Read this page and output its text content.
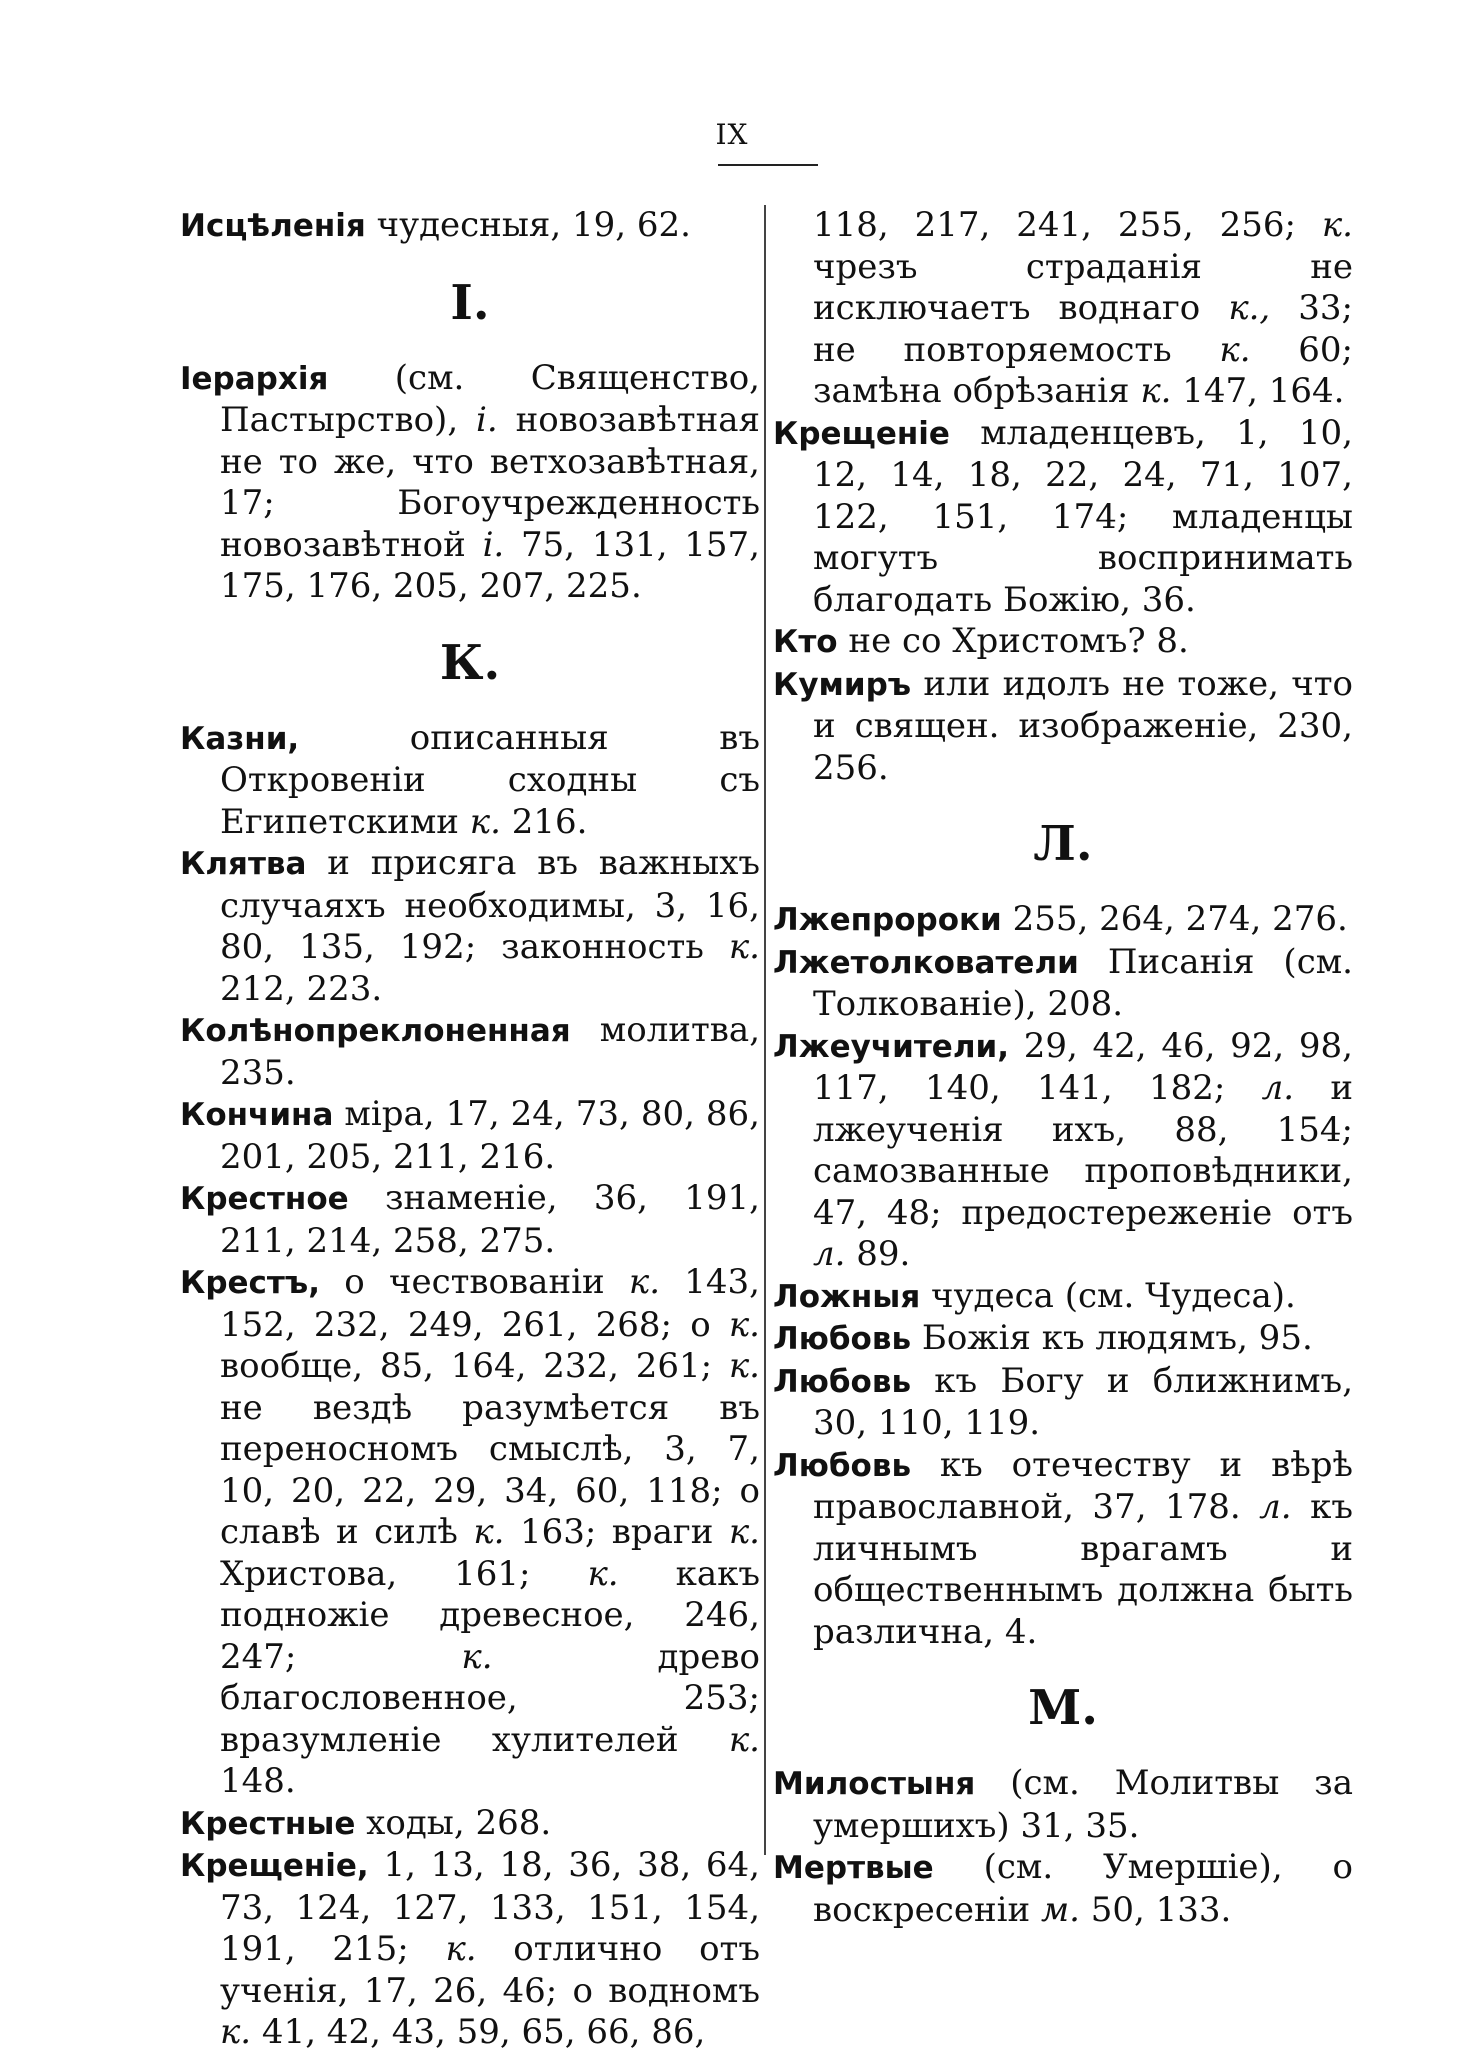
IX
Исцѣленія чудесныя, 19, 62.
І.
Іерархія (см. Священство, Пастырство), і. новозавѣтная не то же, что ветхозавѣтная, 17; Богоучрежденность новозавѣтной і. 75, 131, 157, 175, 176, 205, 207, 225.
К.
Казни, описанныя въ Откровеніи сходны съ Египетскими к. 216.
Клятва и присяга въ важныхъ случаяхъ необходимы, 3, 16, 80, 135, 192; законность к. 212, 223.
Колѣнопреклоненная молитва, 235.
Кончина міра, 17, 24, 73, 80, 86, 201, 205, 211, 216.
Крестное знаменіе, 36, 191, 211, 214, 258, 275.
Крестъ, о чествованіи к. 143, 152, 232, 249, 261, 268; о к. вообще, 85, 164, 232, 261; к. не вездѣ разумѣется въ переносномъ смыслѣ, 3, 7, 10, 20, 22, 29, 34, 60, 118; о славѣ и силѣ к. 163; враги к. Христова, 161; к. какъ подножіе древесное, 246, 247; к. древо благословенное, 253; вразумленіе хулителей к. 148.
Крестные ходы, 268.
Крещеніе, 1, 13, 18, 36, 38, 64, 73, 124, 127, 133, 151, 154, 191, 215; к. отлично отъ ученія, 17, 26, 46; о водномъ к. 41, 42, 43, 59, 65, 66, 86,
118, 217, 241, 255, 256; к. чрезъ страданія не исключаетъ воднаго к., 33; не повторяемость к. 60; замѣна обрѣзанія к. 147, 164.
Крещеніе младенцевъ, 1, 10, 12, 14, 18, 22, 24, 71, 107, 122, 151, 174; младенцы могутъ воспринимать благодать Божію, 36.
Кто не со Христомъ? 8.
Кумиръ или идолъ не тоже, что и священ. изображеніе, 230, 256.
Л.
Лжепророки 255, 264, 274, 276.
Лжетолкователи Писанія (см. Толкованіе), 208.
Лжеучители, 29, 42, 46, 92, 98, 117, 140, 141, 182; л. и лжеученія ихъ, 88, 154; самозванные проповѣдники, 47, 48; предостереженіе отъ л. 89.
Ложныя чудеса (см. Чудеса).
Любовь Божія къ людямъ, 95.
Любовь къ Богу и ближнимъ, 30, 110, 119.
Любовь къ отечеству и вѣрѣ православной, 37, 178. л. къ личнымъ врагамъ и общественнымъ должна быть различна, 4.
М.
Милостыня (см. Молитвы за умершихъ) 31, 35.
Мертвые (см. Умершіе), о воскресеніи м. 50, 133.
